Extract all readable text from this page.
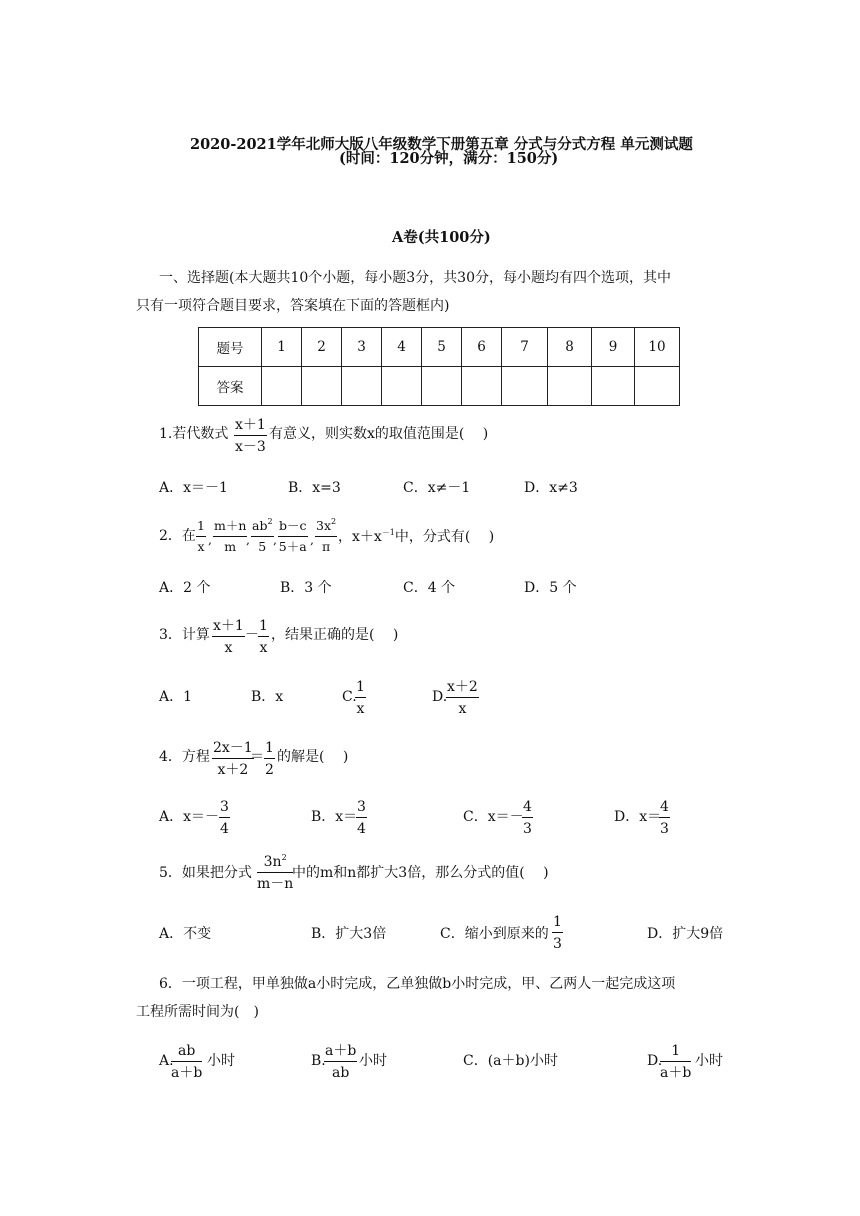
2020-2021学年北师大版八年级数学下册第五章 分式与分式方程 单元测试题
(时间：120分钟，满分：150分)
A卷(共100分)
一、选择题(本大题共10个小题，每小题3分，共30分，每小题均有四个选项，其中
只有一项符合题目要求，答案填在下面的答题框内)
题号	1	2	3	4	5	6	7	8	9	10
答案										
1.若代数式 $\frac{x+1}{x-3}$ 有意义，则实数x的取值范围是(　 )
A．x＝－1	B．x=3	C．x≠－1	D．x≠3
2．在 $\frac{1}{x}$ , $\frac{m+n}{m}$
, $\frac{ab^2}{5}$ , $\frac{b-c}{5+a}$ , $\frac{3x^2}{\pi}$ ，$x+x^{-1}$中，分式有(　 )
A．2 个	B．3 个	C．4 个	D．5 个
3．计算 $\frac{x+1}{x} - \frac{1}{x}$ ，结果正确的是(　 )
A．1	B．x	C.
$\frac{1}{x}$	D.
$\frac{x+2}{x}$
4．方程 $\frac{2x-1}{x+2}$
＝ $\frac{1}{2}$ 的解是(　 )
A．$x=- \frac{3}{4}$	B．x＝
$\frac{3}{4}$	C．x＝－
$\frac{4}{3}$	D．x＝
$\frac{4}{3}$
5．如果把分式 $\frac{3n^2}{m-n}$
中的m和n都扩大3倍，那么分式的值(　 )
A．不变	B．扩大3倍	C．缩小到原来的 $\frac{1}{3}$	D．扩大9倍
6．一项工程，甲单独做a小时完成，乙单独做b小时完成，甲、乙两人一起完成这项
工程所需时间为(　)
A.
$\frac{ab}{a+b}$ 小时	B.
$\frac{a+b}{ab}$ 小时	C．(a＋b)小时	D.
$\frac{1}{a+b}$ 小时
